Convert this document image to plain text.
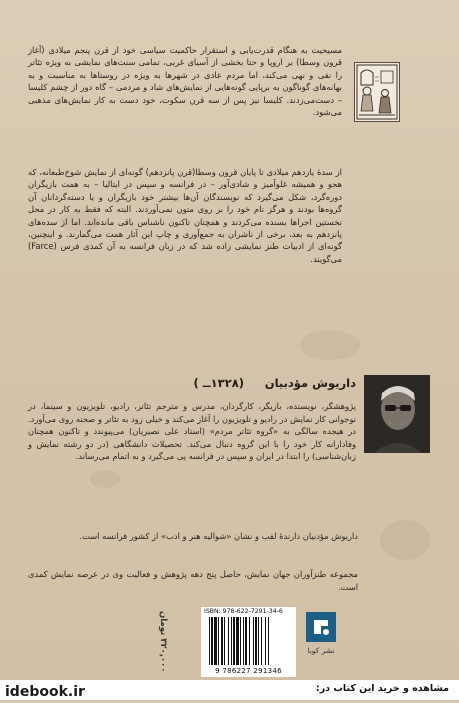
مسیحیت به هنگام قدرت‌یابی و استقرار حاکمیت سیاسی خود از قرن پنجم میلادی (آغاز قرون وسطا) بر اروپا و حتا بخشی از آسیای غربی، تمامی سنت‌های نمایشی به ویژه تئاتر را نفی و نهی می‌کند، اما مردم عادی در شهرها به ویژه در روستاها به مناسبت و به بهانه‌های گوناگون به برپایی گونه‌هایی از نمایش‌های شاد و مردمی – گاه دور از چشم کلیسا – دست‌می‌زدند. کلیسا نیز پس از سه قرن سکوت، خود دست به کار نمایش‌های مذهبی می‌شود.

از سدهٔ یازدهم میلادی تا پایان قرون وسطا(قرن پانزدهم) گونه‌ای از نمایش شوخ‌طبعانه، که هجو و همیشه غلوآمیز و شادی‌آور – در فرانسه و سپس در ایتالیا – به همت بازیگران دوره‌گرد، شکل می‌گیرد که نویسندگان آن‌ها بیشتر خود بازیگران و یا دسته‌گردانان آن گروه‌ها بودند و هرگز نام خود را بر روی متون نمی‌آوردند. البته که فقط به کار در محل نخستین اجراها بسنده می‌کردند و همچنان تاکنون ناشناس باقی مانده‌اند. اما از سده‌های پانزدهم به بعد، برخی از ناشران به جمع‌آوری و چاپ این آثار همت می‌گمارند. و اینچنین، گونه‌ای از ادبیات طنز نمایشی زاده شد که در زبان فرانسه به آن کمدی فرس (Farce) می‌گویند.

داریوش مؤدبیان
(۱۳۲۸ــ )

پژوهشگر، نویسنده، بازیگر، کارگردان، مدرس و مترجم تئاتر، رادیو، تلویزیون و سینما، در نوجوانی کار نمایش در رادیو و تلویزیون را آغاز می‌کند و خیلی زود به تئاتر و صحنه روی می‌آورد. در هیجده سالگی به «گروه تئاتر مردم» (استاد علی نصیریان) می‌پیوندد و تاکنون همچنان وفادارانه کار خود را با این گروه دنبال می‌کند. تحصیلات دانشگاهی (در دو رشته نمایش و زبان‌شناسی) را ابتدا در ایران و سپس در فرانسه پی می‌گیرد و به اتمام می‌رساند.

داریوش مؤدبیان دارندهٔ لقب و نشان «شوالیه هنر و ادب» از کشور فرانسه است.

مجموعه طنزآوران جهان نمایش، حاصل پنج دهه پژوهش و فعالیت وی در عرصه نمایش کمدی است.

۳۲۰,۰۰۰ تومان
ISBN: 978-622-7291-34-6
9 786227 291346
نشر کوبا
idebook.ir	مشاهده و خرید این کتاب در:
